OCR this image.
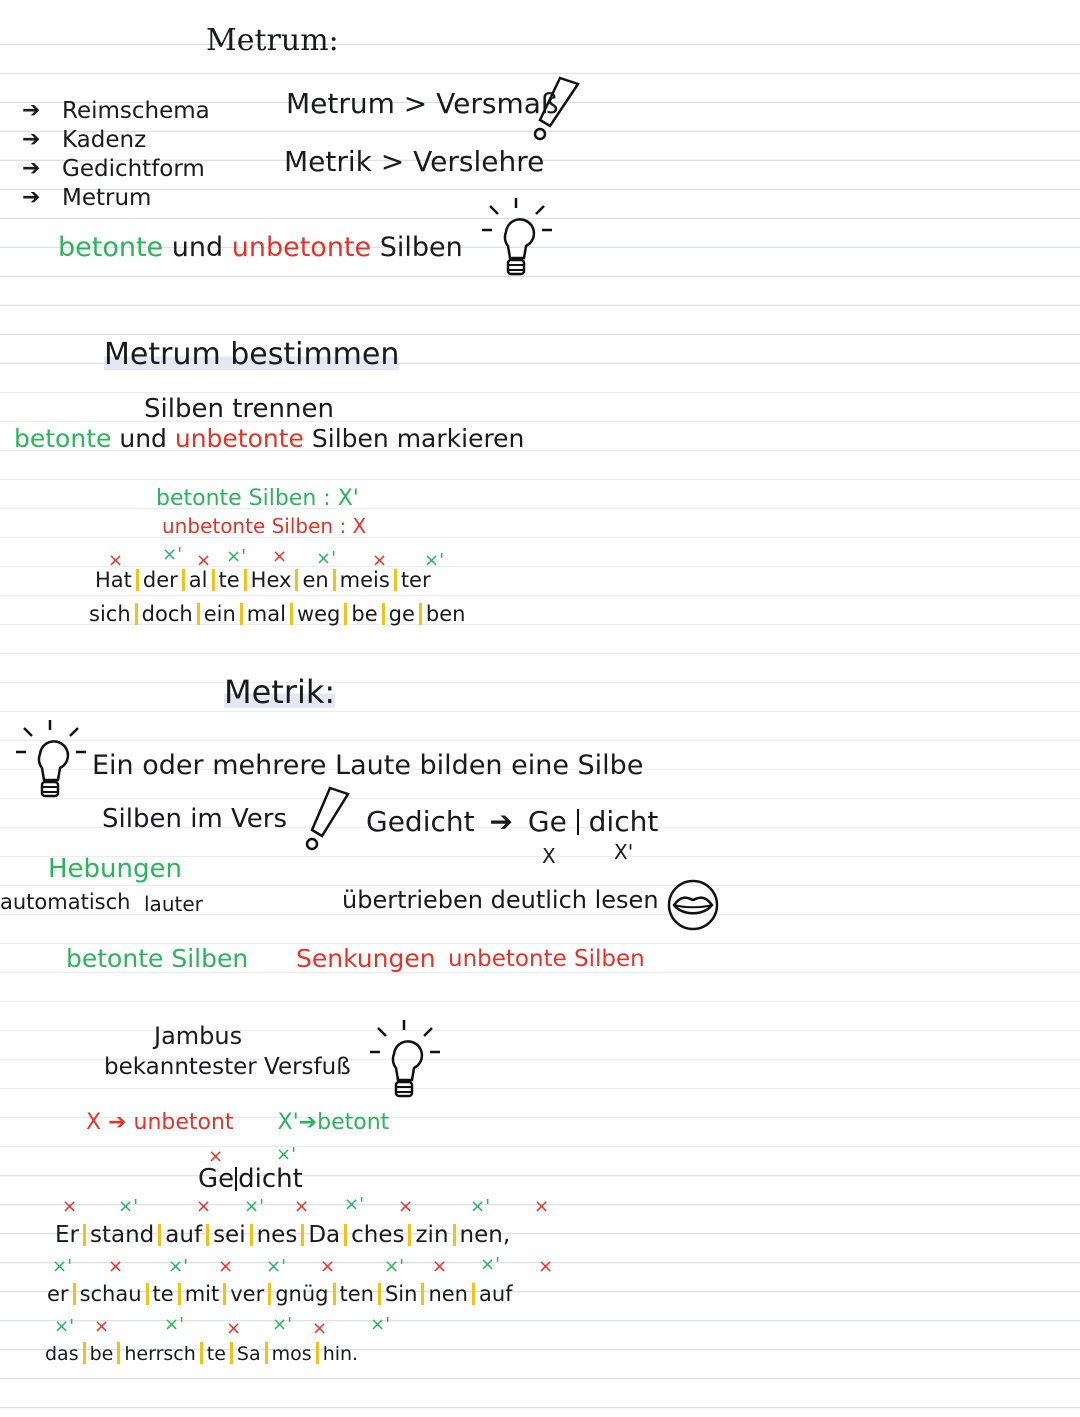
Metrum:
➔ Reimschema
➔ Kadenz
➔ Gedichtform
➔ Metrum
Metrum > Versmaß
Metrik > Verslehre
betonte und unbetonte Silben
Metrum bestimmen
Silben trennen
betonte und unbetonte Silben markieren
betonte Silben : X'
unbetonte Silben : X
× ×' × ×' × ×' × ×'
Hat der al te Hex en meis ter
sich doch ein mal weg be ge ben
Metrik:
Ein oder mehrere Laute bilden eine Silbe
Silben im Vers	Gedicht ➔ Ge dicht
X	X'
Hebungen
automatisch lauter	übertrieben deutlich lesen
betonte Silben Senkungen unbetonte Silben
Jambus
bekanntester Versfuß
X ➔ unbetont X'➔betont
×	×'
Ge dicht
× ×'	× ×' × ×' ×	×' ×
Er stand auf sei nes Da ches zin nen,
×' × ×' × ×' ×	×' × ×' ×
er schau te mit ver gnüg ten Sin nen auf
×' ×	×' × ×' × ×'
das be herrsch te Sa mos hin.
